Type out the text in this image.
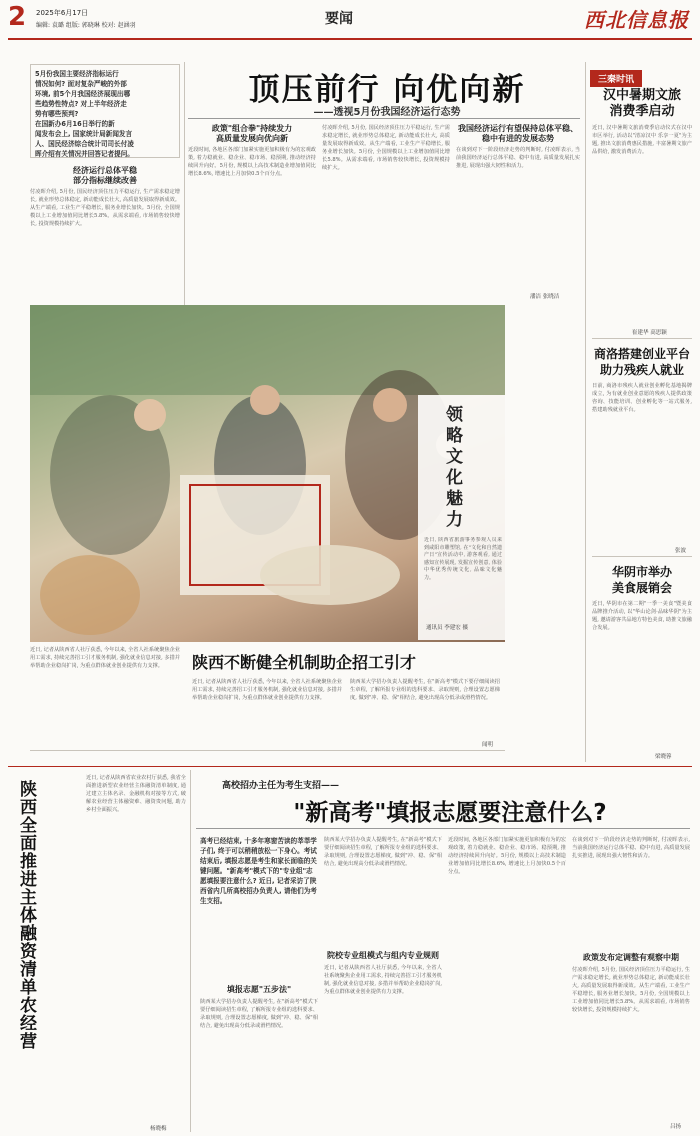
2 2025年6月17日
编辑: 袁璐 组版: 郭晓琳 校对: 赵涵羽	要闻	西北信息报
5月份我国主要经济指标运行
情况如何? 面对复杂严峻的外部
环境, 前5个月我国经济展现出哪
些趋势性特点? 对上半年经济走
势有哪些预判?
在国新办6月16日举行的新
闻发布会上, 国家统计局新闻发言
人、国民经济综合统计司司长付凌
晖介绍有关情况并回答记者提问。
顶压前行 向优向新
——透视5月份我国经济运行态势
经济运行总体平稳
部分指标继续改善
付凌晖介绍, 5月份, 国民经济顶住压力平稳运行, 生产需求稳定增长, 就业形势总体稳定, 新动能成长壮大, 高质量发展取得新成效。从生产端看, 工业生产平稳增长, 服务业增长加快。5月份, 全国规模以上工业增加值同比增长5.8%。从需求端看, 市场销售较快增长, 投资规模持续扩大。
政策"组合拳"持续发力
高质量发展向优向新
近段时间, 各地区各部门加紧实施更加积极有为的宏观政策, 着力稳就业、稳企业、稳市场、稳预期, 推动经济持续回升向好。5月份, 规模以上高技术制造业增加值同比增长8.6%, 增速比上月加快0.5个百分点。
付凌晖介绍, 5月份, 国民经济顶住压力平稳运行, 生产需求稳定增长, 就业形势总体稳定, 新动能成长壮大, 高质量发展取得新成效。从生产端看, 工业生产平稳增长, 服务业增长加快。5月份, 全国规模以上工业增加值同比增长5.8%。从需求端看, 市场销售较快增长, 投资规模持续扩大。
我国经济运行有望保持总体平稳、
稳中有进的发展态势
在谈到对下一阶段经济走势的判断时, 付凌晖表示, 当前我国经济运行总体平稳、稳中有进, 高质量发展扎实推进, 展现出强大韧性和活力。
潘洁 张晓洁
领略文化魅力
近日, 陕西省旅游事务参观人员来到咸阳市雕塑馆, 在"文化和自然遗产日"宣传活动中, 游客观看, 通过感知宣传展现, 发掘宣传创意, 体验中华优秀传统文化, 品味文化魅力。
通讯员 李建宏 摄
近日, 记者从陕西省人社厅获悉, 今年以来, 全省人社系统聚焦企业用工需求, 持续完善招工引才服务机制, 强化就业信息对接, 多措并举帮助企业稳岗扩岗, 为重点群体就业创业提供有力支撑。	陕西不断健全机制助企招工引才
近日, 记者从陕西省人社厅获悉, 今年以来, 全省人社系统聚焦企业用工需求, 持续完善招工引才服务机制, 强化就业信息对接, 多措并举帮助企业稳岗扩岗, 为重点群体就业创业提供有力支撑。
陕西某大学招办负责人提醒考生, 在"新高考"模式下要仔细阅读招生章程, 了解所报专业组的选科要求、录取规则, 合理设置志愿梯度, 做到"冲、稳、保"相结合, 避免出现高分低录或滑档情况。
闻明
三秦时讯
汉中暑期文旅
消费季启动
近日, 汉中暑期文旅消费季启动仪式在汉中市区举行, 活动以"清凉汉中 乐享一夏"为主题, 推出文旅消费惠民措施, 丰富暑期文旅产品供给, 激发消费活力。
崔建华 高思颖
商洛搭建创业平台
助力残疾人就业
日前, 商洛市残疾人就业创业孵化基地揭牌成立, 为有就业创业意愿的残疾人提供政策咨询、技能培训、创业孵化等一站式服务, 搭建助残就业平台。
张波
华阴市举办
美食展销会
近日, 华阴市在第二期"一季一美食"暨美食品牌推介活动, 以"华山论剑·品味华阴"为主题, 邀请游客共品地方特色美食, 助推文旅融合发展。
梁晓蓉
陕西全面推进主体融资清单农经营
近日, 记者从陕西省农业农村厅获悉, 我省全面推进新型农业经营主体融资清单制度, 通过建立主体名录、金融机构对接等方式, 破解农业经营主体融资难、融资贵问题, 助力乡村全面振兴。
杨晓梅
高校招办主任为考生支招——
"新高考"填报志愿要注意什么?
高考已经结束, 十多年寒窗苦读的莘莘学子们, 终于可以稍稍放松一下身心。考试结束后, 填报志愿是考生和家长面临的关键问题。"新高考"模式下的"专业组"志愿填报要注意什么? 近日, 记者采访了陕西省内几所高校招办负责人, 请他们为考生支招。
填报志愿"五步法"
陕西某大学招办负责人提醒考生, 在"新高考"模式下要仔细阅读招生章程, 了解所报专业组的选科要求、录取规则, 合理设置志愿梯度, 做到"冲、稳、保"相结合, 避免出现高分低录或滑档情况。
陕西某大学招办负责人提醒考生, 在"新高考"模式下要仔细阅读招生章程, 了解所报专业组的选科要求、录取规则, 合理设置志愿梯度, 做到"冲、稳、保"相结合, 避免出现高分低录或滑档情况。
院校专业组模式与组内专业规则
近日, 记者从陕西省人社厅获悉, 今年以来, 全省人社系统聚焦企业用工需求, 持续完善招工引才服务机制, 强化就业信息对接, 多措并举帮助企业稳岗扩岗, 为重点群体就业创业提供有力支撑。
近段时间, 各地区各部门加紧实施更加积极有为的宏观政策, 着力稳就业、稳企业、稳市场、稳预期, 推动经济持续回升向好。5月份, 规模以上高技术制造业增加值同比增长8.6%, 增速比上月加快0.5个百分点。
在谈到对下一阶段经济走势的判断时, 付凌晖表示, 当前我国经济运行总体平稳、稳中有进, 高质量发展扎实推进, 展现出强大韧性和活力。
政策发布定调整有观察中期
付凌晖介绍, 5月份, 国民经济顶住压力平稳运行, 生产需求稳定增长, 就业形势总体稳定, 新动能成长壮大, 高质量发展取得新成效。从生产端看, 工业生产平稳增长, 服务业增长加快。5月份, 全国规模以上工业增加值同比增长5.8%。从需求端看, 市场销售较快增长, 投资规模持续扩大。
吕扬
